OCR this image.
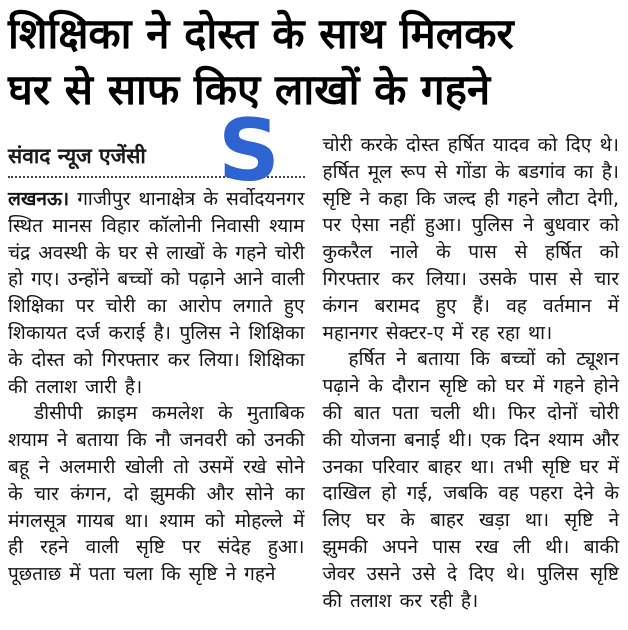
शिक्षिका ने दोस्त के साथ मिलकर
घर से साफ किए लाखों के गहने
संवाद न्यूज एजेंसी S

लखनऊ। गाजीपुर थानाक्षेत्र के सर्वोदयनगर स्थित मानस विहार कॉलोनी निवासी श्याम चंद्र अवस्थी के घर से लाखों के गहने चोरी हो गए। उन्होंने बच्चों को पढ़ाने आने वाली शिक्षिका पर चोरी का आरोप लगाते हुए शिकायत दर्ज कराई है। पुलिस ने शिक्षिका के दोस्त को गिरफ्तार कर लिया। शिक्षिका की तलाश जारी है।

डीसीपी क्राइम कमलेश के मुताबिक शयाम ने बताया कि नौ जनवरी को उनकी बहू ने अलमारी खोली तो उसमें रखे सोने के चार कंगन, दो झुमकी और सोने का मंगलसूत्र गायब था। श्याम को मोहल्ले में ही रहने वाली सृष्टि पर संदेह हुआ। पूछताछ में पता चला कि सृष्टि ने गहने

चोरी करके दोस्त हर्षित यादव को दिए थे। हर्षित मूल रूप से गोंडा के बडगांव का है। सृष्टि ने कहा कि जल्द ही गहने लौटा देगी, पर ऐसा नहीं हुआ। पुलिस ने बुधवार को कुकरैल नाले के पास से हर्षित को गिरफ्तार कर लिया। उसके पास से चार कंगन बरामद हुए हैं। वह वर्तमान में महानगर सेक्टर-ए में रह रहा था।

हर्षित ने बताया कि बच्चों को ट्यूशन पढ़ाने के दौरान सृष्टि को घर में गहने होने की बात पता चली थी। फिर दोनों चोरी की योजना बनाई थी। एक दिन श्याम और उनका परिवार बाहर था। तभी सृष्टि घर में दाखिल हो गई, जबकि वह पहरा देने के लिए घर के बाहर खड़ा था। सृष्टि ने झुमकी अपने पास रख ली थी। बाकी जेवर उसने उसे दे दिए थे। पुलिस सृष्टि की तलाश कर रही है।
